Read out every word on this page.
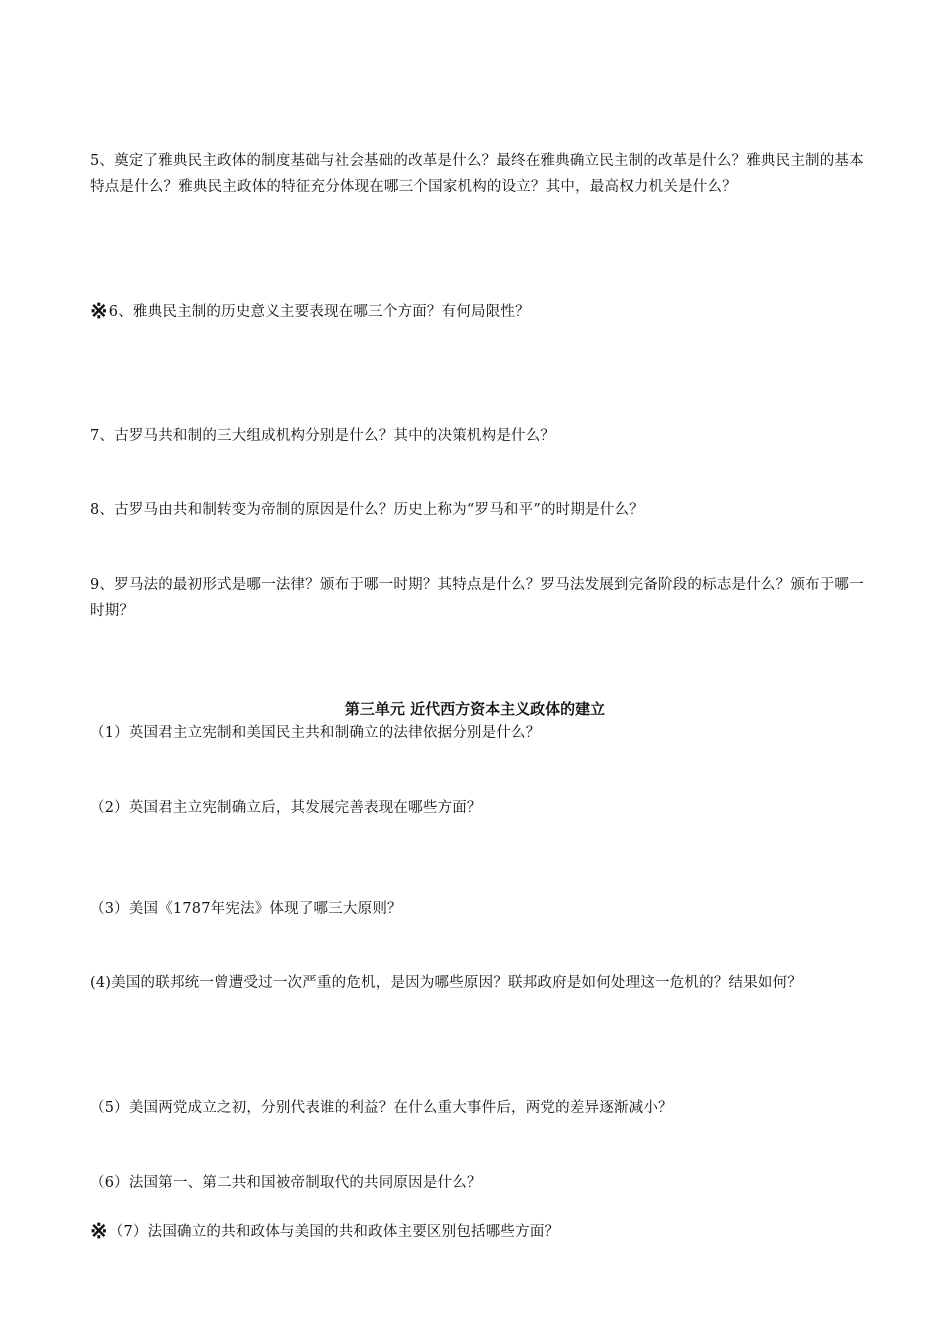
5、奠定了雅典民主政体的制度基础与社会基础的改革是什么？最终在雅典确立民主制的改革是什么？雅典民主制的基本特点是什么？雅典民主政体的特征充分体现在哪三个国家机构的设立？其中，最高权力机关是什么？

※6、雅典民主制的历史意义主要表现在哪三个方面？有何局限性？

7、古罗马共和制的三大组成机构分别是什么？其中的决策机构是什么？

8、古罗马由共和制转变为帝制的原因是什么？历史上称为“罗马和平”的时期是什么？

9、罗马法的最初形式是哪一法律？颁布于哪一时期？其特点是什么？罗马法发展到完备阶段的标志是什么？颁布于哪一时期？

第三单元 近代西方资本主义政体的建立

（1）英国君主立宪制和美国民主共和制确立的法律依据分别是什么？

（2）英国君主立宪制确立后，其发展完善表现在哪些方面？

（3）美国《1787年宪法》体现了哪三大原则？

(4)美国的联邦统一曾遭受过一次严重的危机，是因为哪些原因？联邦政府是如何处理这一危机的？结果如何？

（5）美国两党成立之初，分别代表谁的利益？在什么重大事件后，两党的差异逐渐减小？

（6）法国第一、第二共和国被帝制取代的共同原因是什么？

※（7）法国确立的共和政体与美国的共和政体主要区别包括哪些方面？
